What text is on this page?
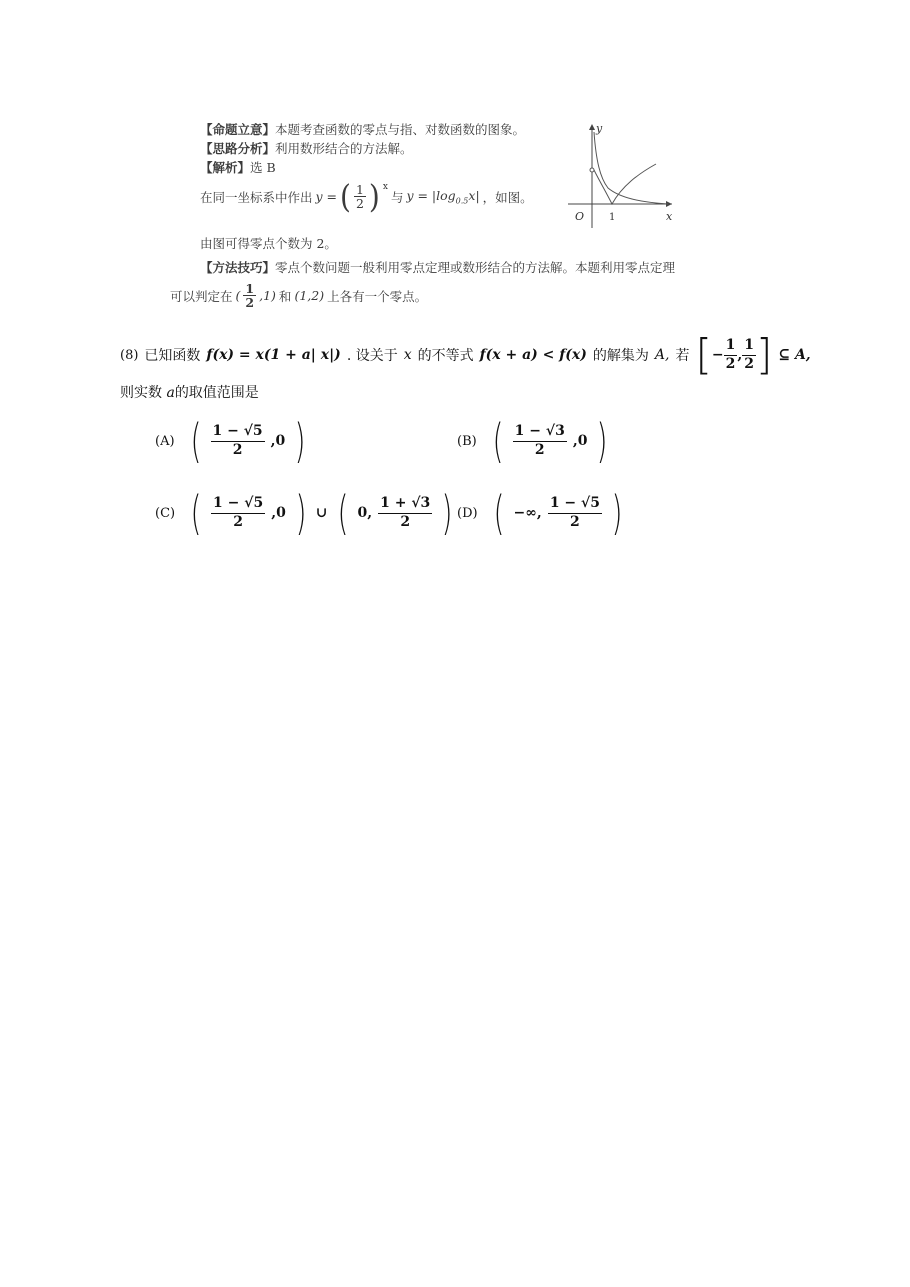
【命题立意】本题考查函数的零点与指、对数函数的图象。
【思路分析】利用数形结合的方法解。
【解析】选 B
在同一坐标系中作出 y = ( $\frac{1}{2}$ ) $^x$
与 $y = |\log_{0.5}x|$ ，如图。
由图可得零点个数为 2。
【方法技巧】零点个数问题一般利用零点定理或数形结合的方法解。本题利用零点定理
可以判定在 ( $\frac{1}{2} ,1$) 和 (1,2) 上各有一个零点。
y
x
O 1
(8) 已知函数 f(x) = x(1 + a| x|) . 设关于 x 的不等式 f(x + a) < f(x) 的解集为 A, 若 [ − $\frac{1}{2}$ ,
1
2 ] ⊆ A,
则实数 a的取值范围是
(A) ( 1 − √5
2
,0 )	(B) ( 1 − √3
2
,0 )
(C) ( 1 − √5
2
,0 ) ∪ ( 0,
1 + √3
2 ) (D) ( −∞,
1 − √5
2 )
